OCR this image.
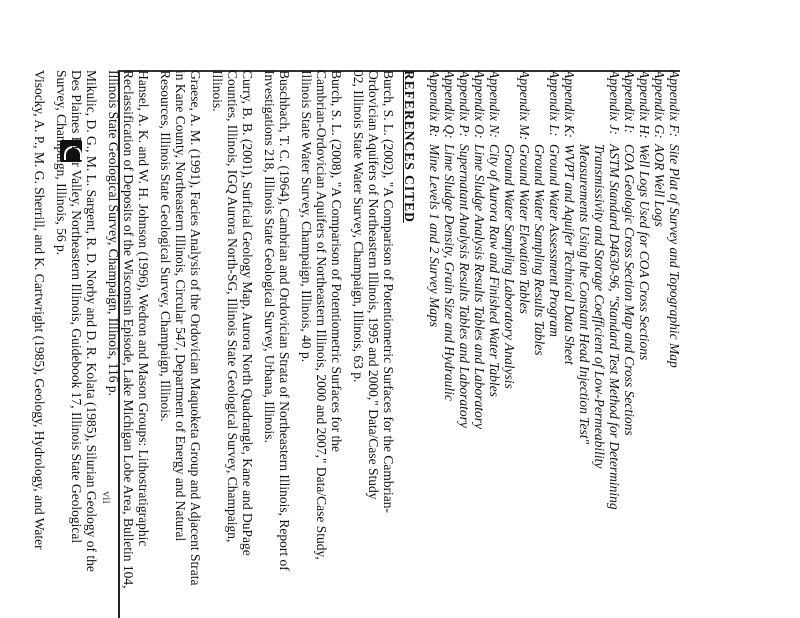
Appendix F:Site Plat of Survey and Topographic Map
Appendix G:AOR Well Logs
Appendix H:Well Logs Used for COA Cross Sections
Appendix I:COA Geologic Cross Section Map and Cross Sections
Appendix J:ASTM Standard D4630-96, "Standard Test Method for Determining
Transmissivity and Storage Coefficient of Low-Permeability
Measurements Using the Constant Head Injection Test"
Appendix K:WVPT and Aquifer Technical Data Sheet
Appendix L:Ground Water Assessment Program
Ground Water Sampling Results Tables
Appendix M:Ground Water Elevation Tables
Ground Water Sampling Laboratory Analysis
Appendix N:City of Aurora Raw and Finished Water Tables
Appendix O:Lime Sludge Analysis Results Tables and Laboratory
Appendix P:Supernatant Analysis Results Tables and Laboratory
Appendix Q:Lime Sludge Density, Grain Size and Hydraulic
Appendix R:Mine Levels 1 and 2 Survey Maps
REFERENCES CITED
Burch, S. L. (2002), "A Comparison of Potentiometric Surfaces for the Cambrian-
Ordovician Aquifers of Northeastern Illinois, 1995 and 2000," Data/Case Study
02, Illinois State Water Survey, Champaign, Illinois, 63 p.
Burch, S. L. (2008), "A Comparison of Potentiometric Surfaces for the
Cambrian-Ordovician Aquifers of Northeastern Illinois, 2000 and 2007," Data/Case Study,
Illinois State Water Survey, Champaign, Illinois, 40 p.
Buschbach, T. C. (1964), Cambrian and Ordovician Strata of Northeastern Illinois, Report of
Investigations 218, Illinois State Geological Survey, Urbana, Illinois.
Curry, B. B. (2001), Surficial Geology Map, Aurora North Quadrangle, Kane and DuPage
Counties, Illinois, IGQ Aurora North-SG, Illinois State Geological Survey, Champaign,
Illinois.
Graese, A. M. (1991), Facies Analysis of the Ordovician Maquoketa Group and Adjacent Strata
in Kane County, Northeastern Illinois, Circular 547, Department of Energy and Natural
Resources, Illinois State Geological Survey, Champaign, Illinois.
Hansel, A. K. and W. H. Johnson (1996), Wedron and Mason Groups: Lithostratigraphic
Reclassification of Deposits of the Wisconsin Episode, Lake Michigan Lobe Area, Bulletin 104,
Illinois State Geological Survey, Champaign, Illinois, 116 p.
Mikulic, D. G., M. L. Sargent, R. D. Norby and D. R. Kolata (1985), Silurian Geology of the
Des Plaines River Valley, Northeastern Illinois, Guidebook 17, Illinois State Geological
Survey, Champaign, Illinois, 56 p.
Visocky, A. P., M. G. Sherrill, and K. Cartwright (1985), Geology, Hydrology, and Water	vii
